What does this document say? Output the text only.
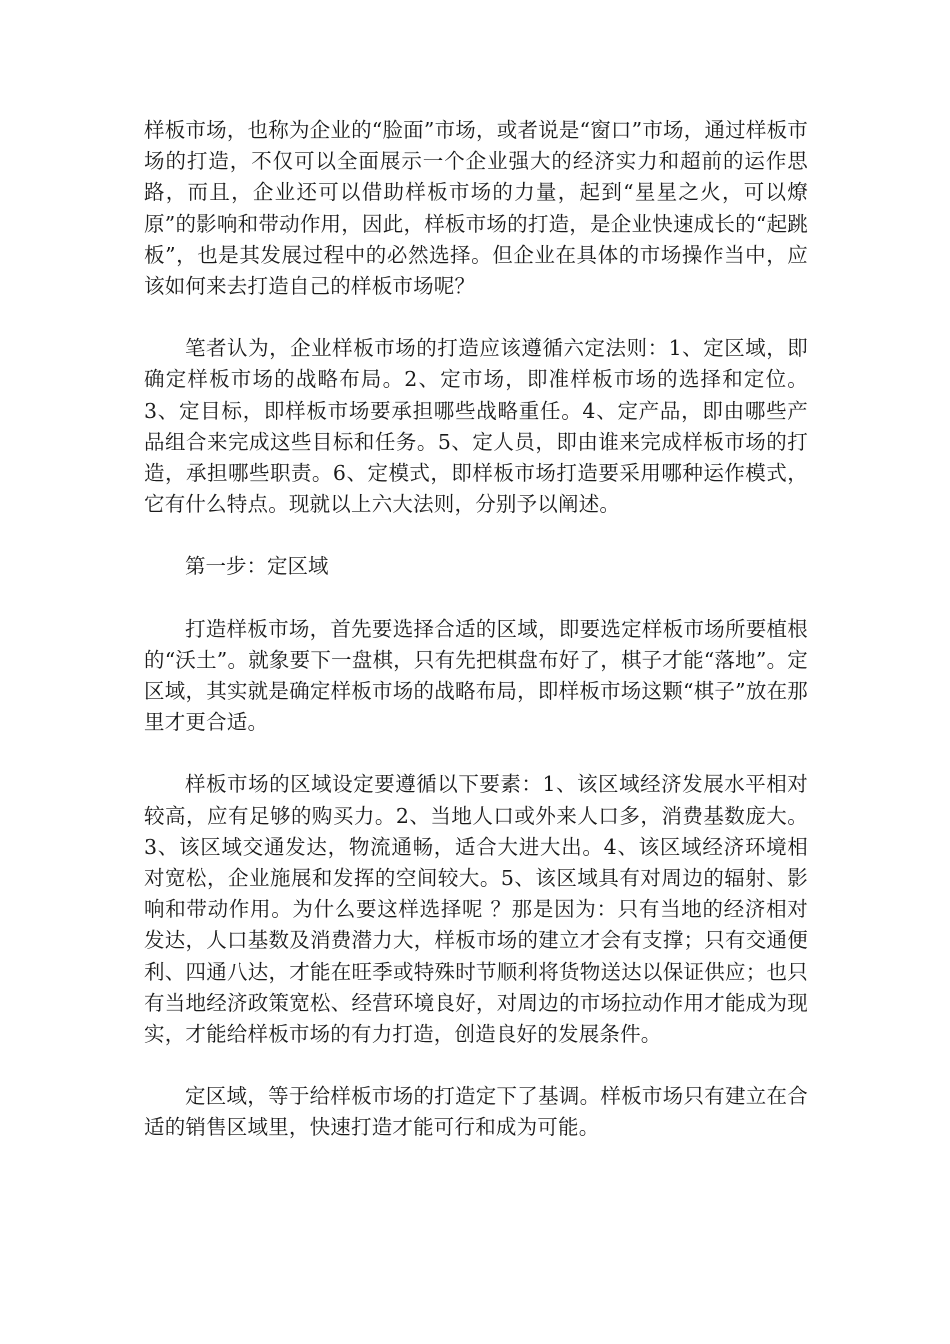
样板市场，也称为企业的“脸面”市场，或者说是“窗口”市场，通过样板市场的打造，不仅可以全面展示一个企业强大的经济实力和超前的运作思路，而且，企业还可以借助样板市场的力量，起到“星星之火，可以燎原”的影响和带动作用，因此，样板市场的打造，是企业快速成长的“起跳板”，也是其发展过程中的必然选择。但企业在具体的市场操作当中，应该如何来去打造自己的样板市场呢？

笔者认为，企业样板市场的打造应该遵循六定法则：1、定区域，即确定样板市场的战略布局。2、定市场，即准样板市场的选择和定位。3、定目标，即样板市场要承担哪些战略重任。4、定产品，即由哪些产品组合来完成这些目标和任务。5、定人员，即由谁来完成样板市场的打造，承担哪些职责。6、定模式，即样板市场打造要采用哪种运作模式，它有什么特点。现就以上六大法则，分别予以阐述。

第一步：定区域

打造样板市场，首先要选择合适的区域，即要选定样板市场所要植根的“沃土”。就象要下一盘棋，只有先把棋盘布好了，棋子才能“落地”。定区域，其实就是确定样板市场的战略布局，即样板市场这颗“棋子”放在那里才更合适。

样板市场的区域设定要遵循以下要素：1、该区域经济发展水平相对较高，应有足够的购买力。2、当地人口或外来人口多，消费基数庞大。3、该区域交通发达，物流通畅，适合大进大出。4、该区域经济环境相对宽松，企业施展和发挥的空间较大。5、该区域具有对周边的辐射、影响和带动作用。为什么要这样选择呢 ？那是因为：只有当地的经济相对发达，人口基数及消费潜力大，样板市场的建立才会有支撑；只有交通便利、四通八达，才能在旺季或特殊时节顺利将货物送达以保证供应；也只有当地经济政策宽松、经营环境良好，对周边的市场拉动作用才能成为现实，才能给样板市场的有力打造，创造良好的发展条件。

定区域，等于给样板市场的打造定下了基调。样板市场只有建立在合适的销售区域里，快速打造才能可行和成为可能。
